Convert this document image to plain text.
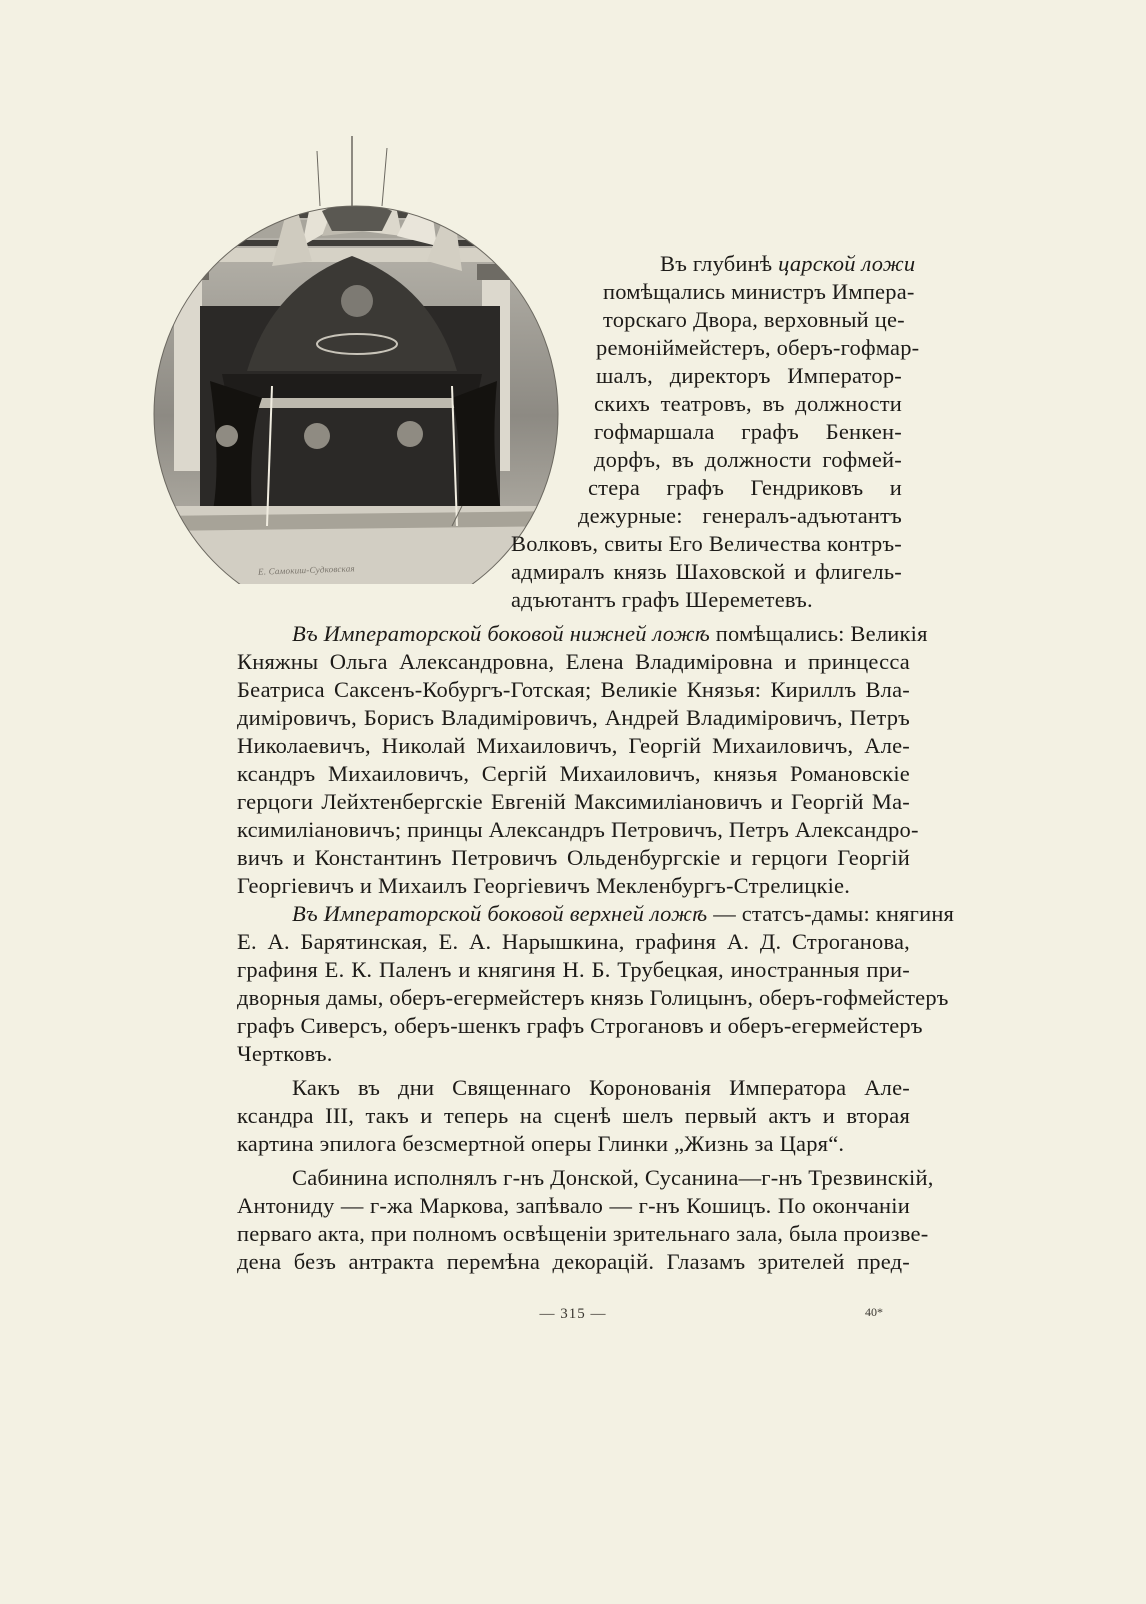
Е. Самокиш-Судковская
Въ глубинѣ царской ложи
помѣщались министръ Импера-
торскаго Двора, верховный це-
ремоніймейстеръ, оберъ-гофмар-
шалъ, директоръ Император-
скихъ театровъ, въ должности
гофмаршала графъ Бенкен-
дорфъ, въ должности гофмей-
стера графъ Гендриковъ и
дежурные: генералъ-адъютантъ
Волковъ, свиты Его Величества контръ-
адмиралъ князь Шаховской и флигель-
адъютантъ графъ Шереметевъ.
Въ Императорской боковой нижней ложѣ помѣщались: Великія
Княжны Ольга Александровна, Елена Владиміровна и принцесса
Беатриса Саксенъ-Кобургъ-Готская; Великіе Князья: Кириллъ Вла-
диміровичъ, Борисъ Владиміровичъ, Андрей Владиміровичъ, Петръ
Николаевичъ, Николай Михаиловичъ, Георгій Михаиловичъ, Але-
ксандръ Михаиловичъ, Сергій Михаиловичъ, князья Романовскіе
герцоги Лейхтенбергскіе Евгеній Максимиліановичъ и Георгій Ма-
ксимиліановичъ; принцы Александръ Петровичъ, Петръ Александро-
вичъ и Константинъ Петровичъ Ольденбургскіе и герцоги Георгій
Георгіевичъ и Михаилъ Георгіевичъ Мекленбургъ-Стрелицкіе.
Въ Императорской боковой верхней ложѣ — статсъ-дамы: княгиня
Е. А. Барятинская, Е. А. Нарышкина, графиня А. Д. Строганова,
графиня Е. К. Паленъ и княгиня Н. Б. Трубецкая, иностранныя при-
дворныя дамы, оберъ-егермейстеръ князь Голицынъ, оберъ-гофмейстеръ
графъ Сиверсъ, оберъ-шенкъ графъ Строгановъ и оберъ-егермейстеръ
Чертковъ.
Какъ въ дни Священнаго Коронованія Императора Але-
ксандра III, такъ и теперь на сценѣ шелъ первый актъ и вторая
картина эпилога безсмертной оперы Глинки „Жизнь за Царя“.
Сабинина исполнялъ г-нъ Донской, Сусанина—г-нъ Трезвинскій,
Антониду — г-жа Маркова, запѣвало — г-нъ Кошицъ. По окончаніи
перваго акта, при полномъ освѣщеніи зрительнаго зала, была произве-
дена безъ антракта перемѣна декорацій. Глазамъ зрителей пред-
— 315 —	40*
